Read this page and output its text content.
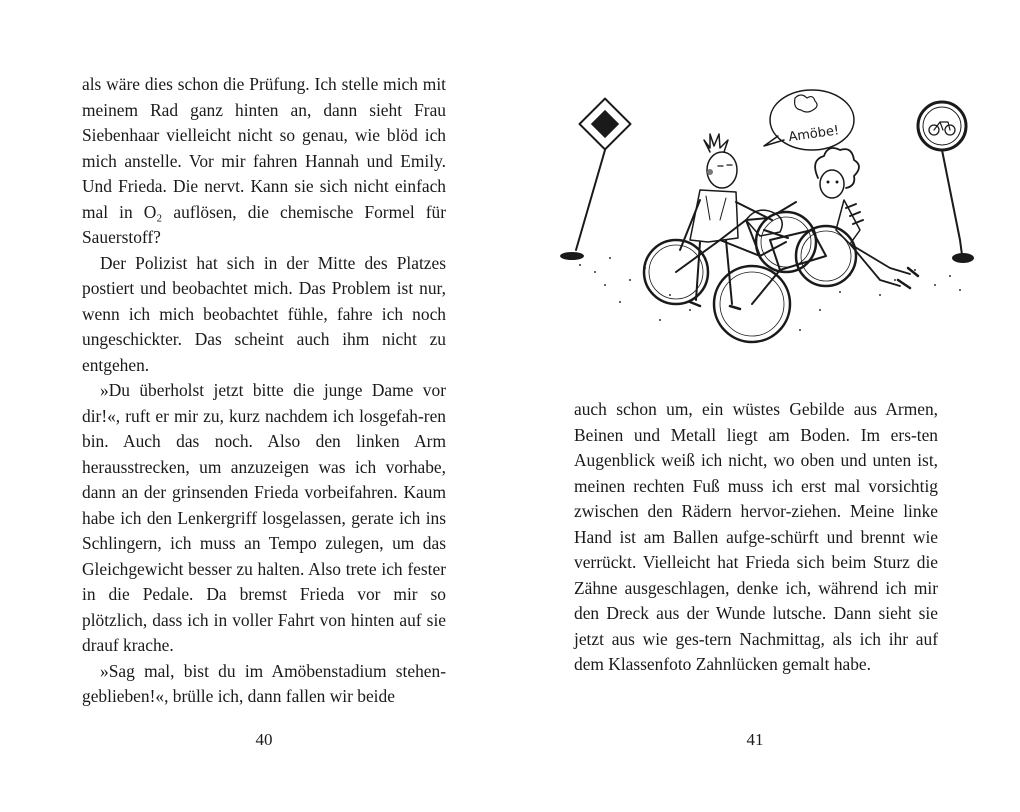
als wäre dies schon die Prüfung. Ich stelle mich mit meinem Rad ganz hinten an, dann sieht Frau Siebenhaar vielleicht nicht so genau, wie blöd ich mich anstelle. Vor mir fahren Hannah und Emily. Und Frieda. Die nervt. Kann sie sich nicht einfach mal in O₂ auflösen, die chemische Formel für Sauerstoff?

Der Polizist hat sich in der Mitte des Platzes postiert und beobachtet mich. Das Problem ist nur, wenn ich mich beobachtet fühle, fahre ich noch ungeschickter. Das scheint auch ihm nicht zu entgehen.

»Du überholst jetzt bitte die junge Dame vor dir!«, ruft er mir zu, kurz nachdem ich losgefah-ren bin. Auch das noch. Also den linken Arm herausstrecken, um anzuzeigen was ich vorhabe, dann an der grinsenden Frieda vorbeifahren. Kaum habe ich den Lenkergriff losgelassen, gerate ich ins Schlingern, ich muss an Tempo zulegen, um das Gleichgewicht besser zu halten. Also trete ich fester in die Pedale. Da bremst Frieda vor mir so plötzlich, dass ich in voller Fahrt von hinten auf sie drauf krache.

»Sag mal, bist du im Amöbenstadium stehen-geblieben!«, brülle ich, dann fallen wir beide

40
Amöbe!

auch schon um, ein wüstes Gebilde aus Armen, Beinen und Metall liegt am Boden. Im ers-ten Augenblick weiß ich nicht, wo oben und unten ist, meinen rechten Fuß muss ich erst mal vorsichtig zwischen den Rädern hervor-ziehen. Meine linke Hand ist am Ballen aufge-schürft und brennt wie verrückt. Vielleicht hat Frieda sich beim Sturz die Zähne ausgeschlagen, denke ich, während ich mir den Dreck aus der Wunde lutsche. Dann sieht sie jetzt aus wie ges-tern Nachmittag, als ich ihr auf dem Klassenfoto Zahnlücken gemalt habe.

41
